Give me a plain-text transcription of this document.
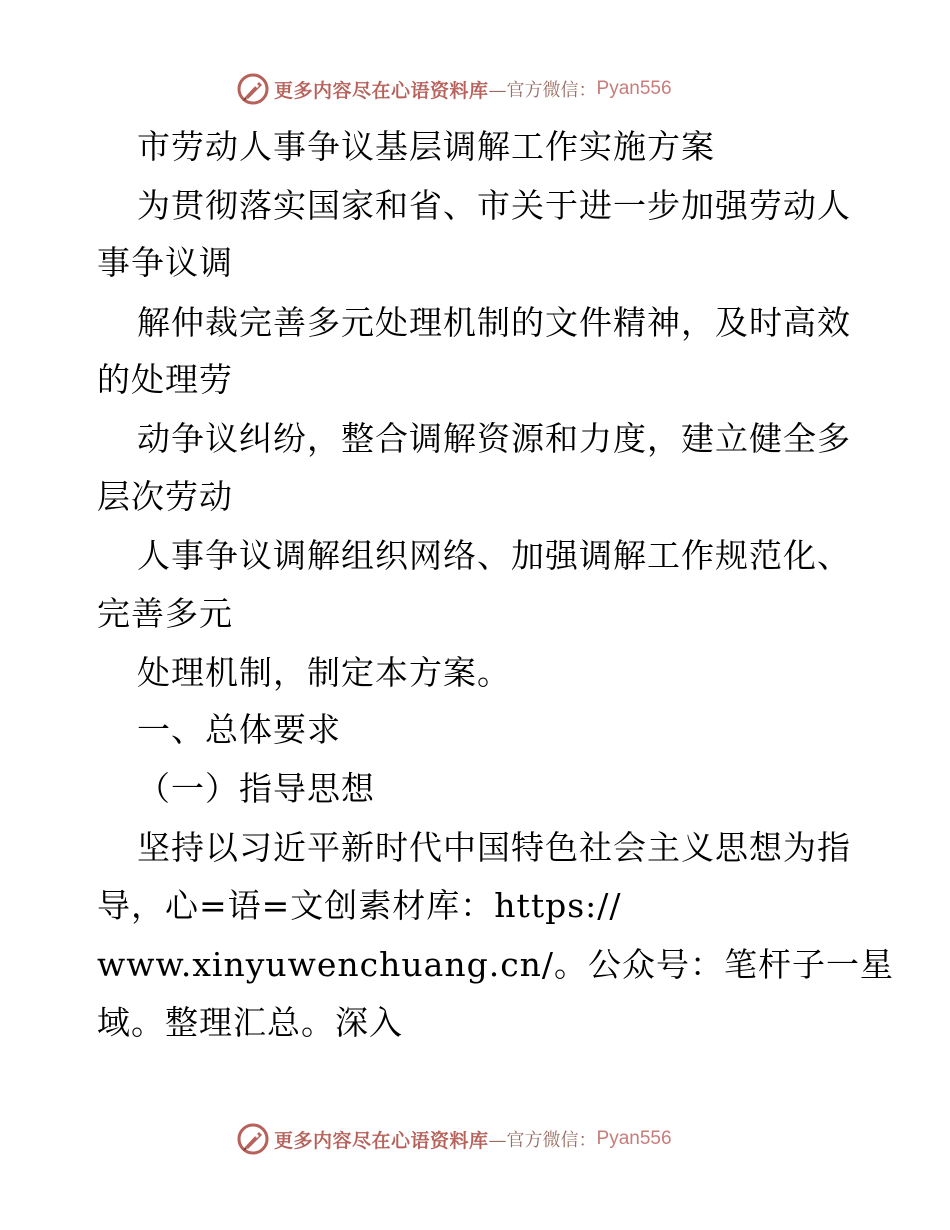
更多内容尽在心语资料库 —官方微信： Pyan556
市劳动人事争议基层调解工作实施方案
为贯彻落实国家和省、市关于进一步加强劳动人
事争议调
解仲裁完善多元处理机制的文件精神，及时高效
的处理劳
动争议纠纷，整合调解资源和力度，建立健全多
层次劳动
人事争议调解组织网络、加强调解工作规范化、
完善多元
处理机制，制定本方案。
一、总体要求
（一）指导思想
坚持以习近平新时代中国特色社会主义思想为指
导，心=语=文创素材库：https://
www.xinyuwenchuang.cn/。公众号：笔杆子一星
域。整理汇总。深入
更多内容尽在心语资料库 —官方微信： Pyan556
